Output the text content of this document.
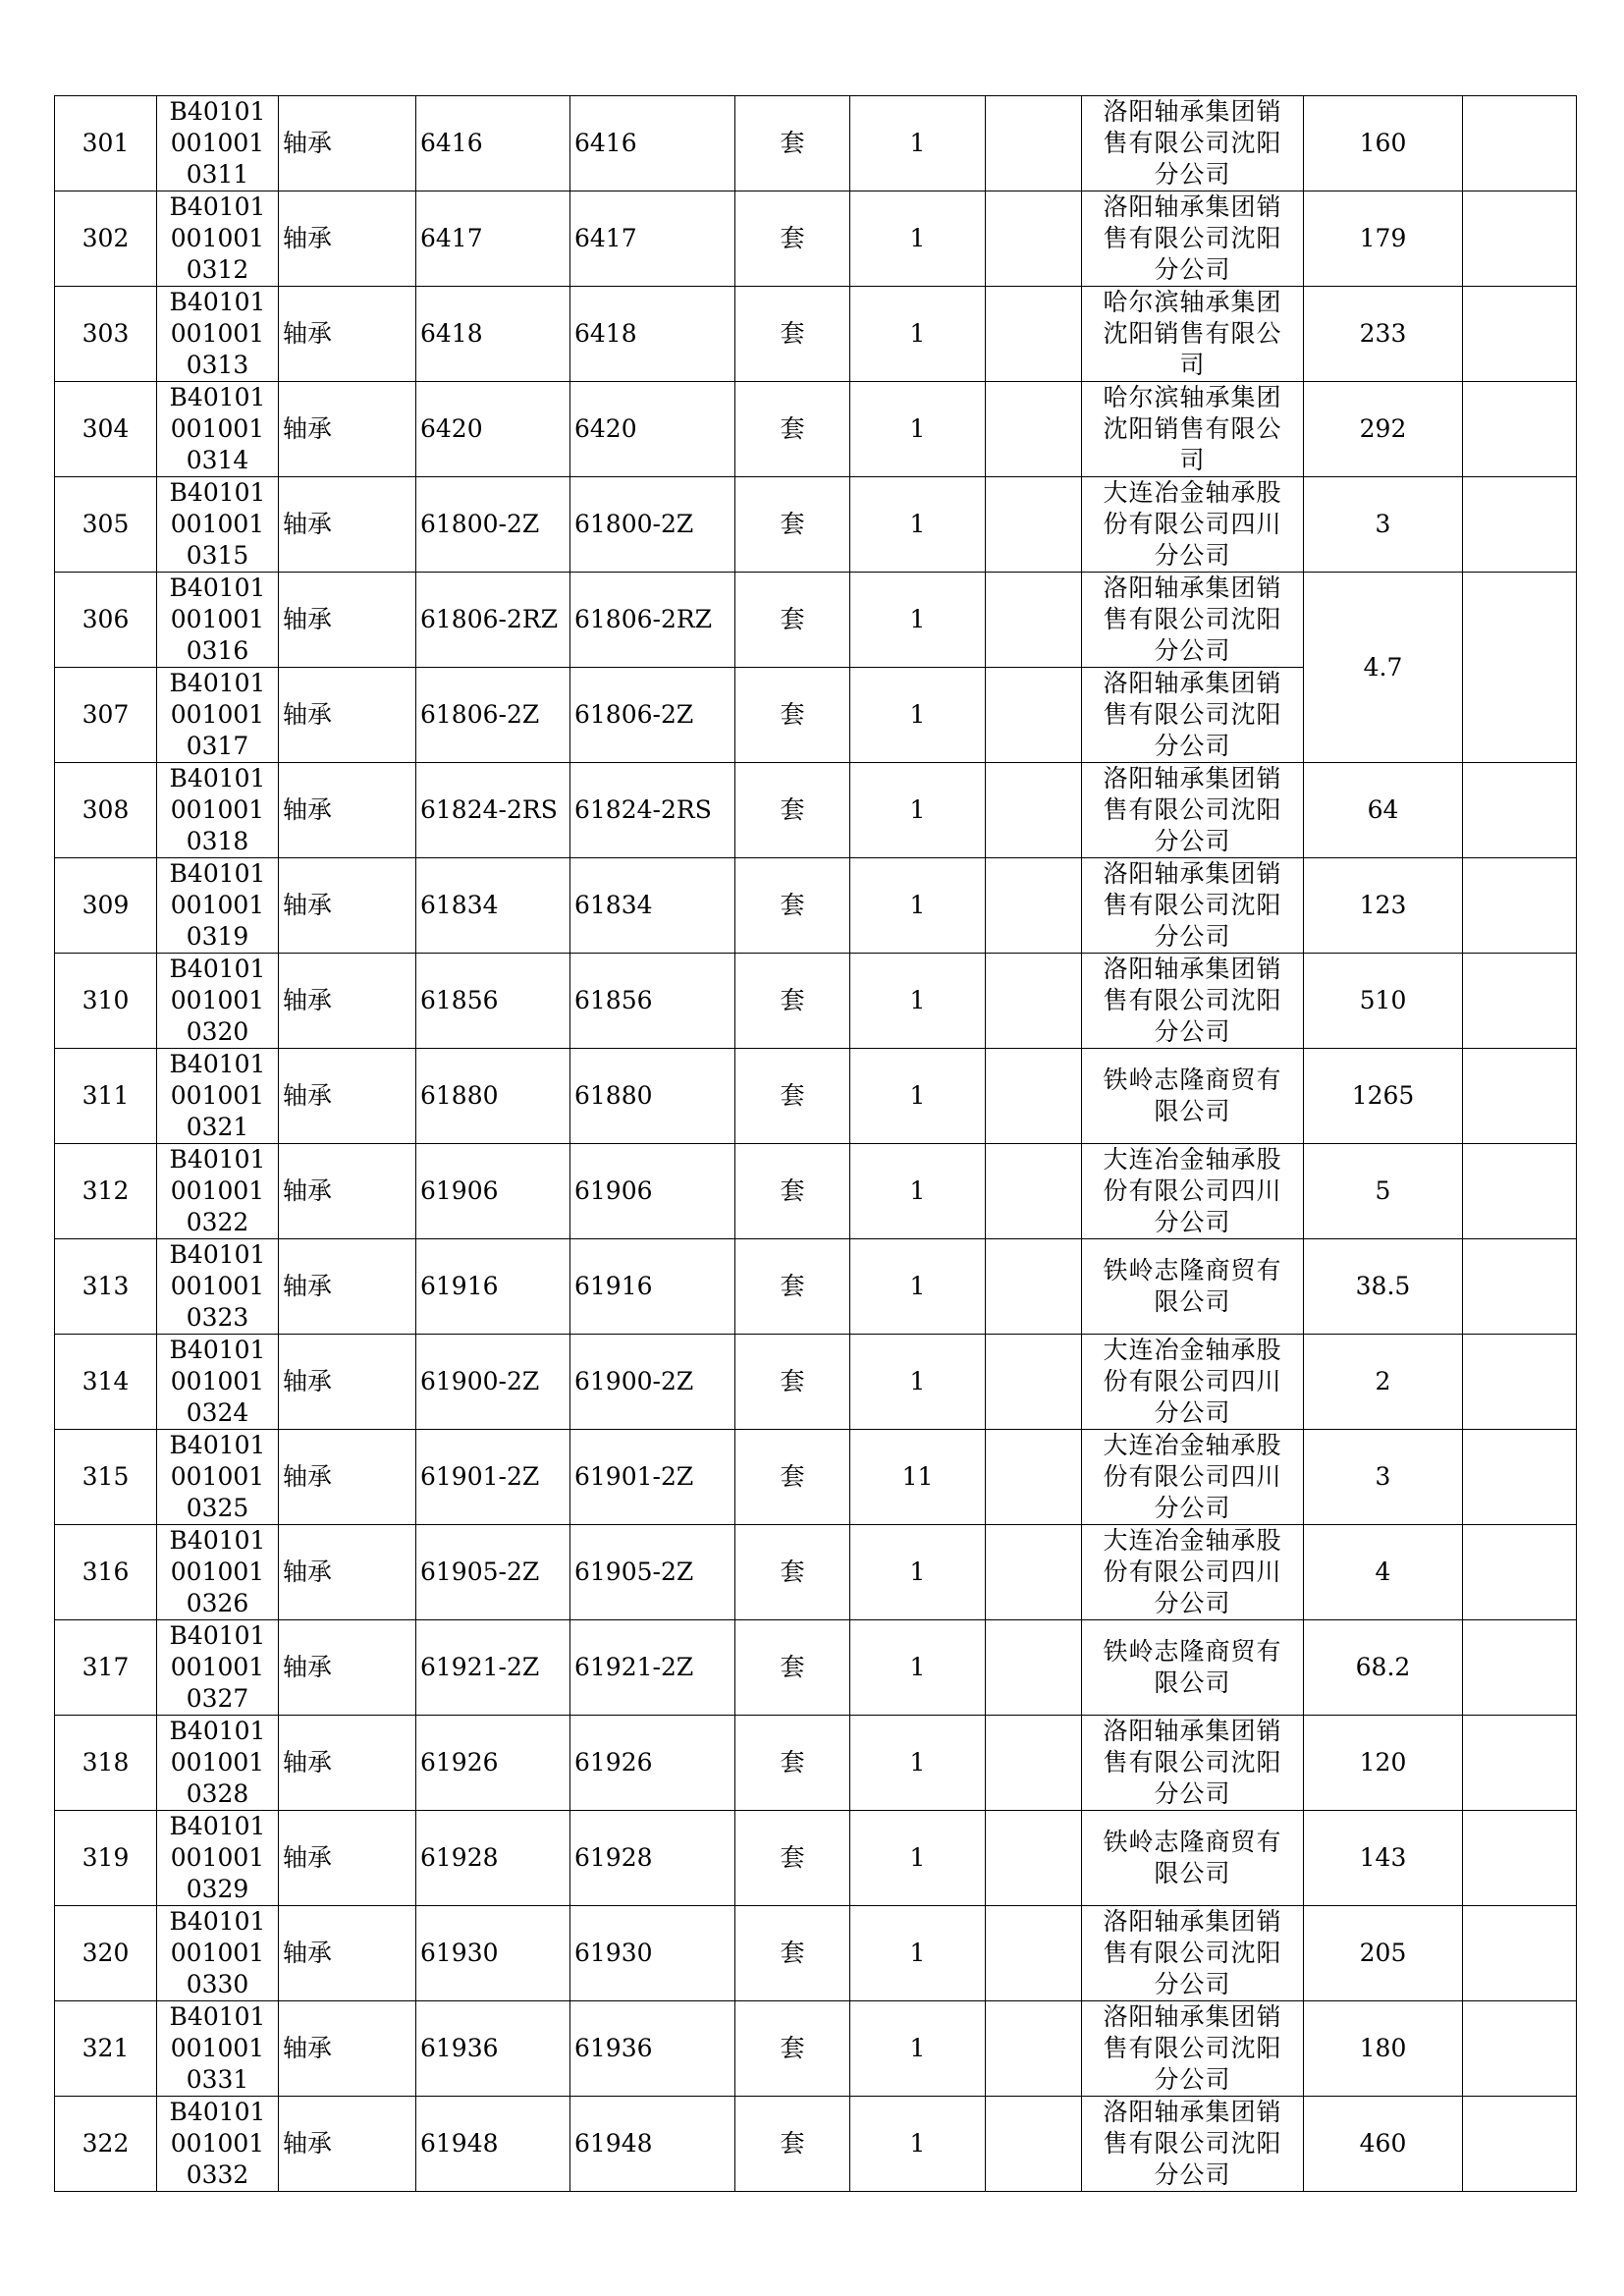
301	B401010010010311	轴承	6416	6416	套	1		洛阳轴承集团销售有限公司沈阳分公司	160	
302	B401010010010312	轴承	6417	6417	套	1		洛阳轴承集团销售有限公司沈阳分公司	179	
303	B401010010010313	轴承	6418	6418	套	1		哈尔滨轴承集团沈阳销售有限公司	233	
304	B401010010010314	轴承	6420	6420	套	1		哈尔滨轴承集团沈阳销售有限公司	292	
305	B401010010010315	轴承	61800-2Z	61800-2Z	套	1		大连冶金轴承股份有限公司四川分公司	3	
306	B401010010010316	轴承	61806-2RZ	61806-2RZ	套	1		洛阳轴承集团销售有限公司沈阳分公司	4.7	
307	B401010010010317	轴承	61806-2Z	61806-2Z	套	1		洛阳轴承集团销售有限公司沈阳分公司		

308	B401010010010318	轴承	61824-2RS	61824-2RS	套	1		洛阳轴承集团销售有限公司沈阳分公司	64	
309	B401010010010319	轴承	61834	61834	套	1		洛阳轴承集团销售有限公司沈阳分公司	123	
310	B401010010010320	轴承	61856	61856	套	1		洛阳轴承集团销售有限公司沈阳分公司	510	
311	B401010010010321	轴承	61880	61880	套	1		铁岭志隆商贸有限公司	1265	
312	B401010010010322	轴承	61906	61906	套	1		大连冶金轴承股份有限公司四川分公司	5	
313	B401010010010323	轴承	61916	61916	套	1		铁岭志隆商贸有限公司	38.5	
314	B401010010010324	轴承	61900-2Z	61900-2Z	套	1		大连冶金轴承股份有限公司四川分公司	2	
315	B401010010010325	轴承	61901-2Z	61901-2Z	套	11		大连冶金轴承股份有限公司四川分公司	3	
316	B401010010010326	轴承	61905-2Z	61905-2Z	套	1		大连冶金轴承股份有限公司四川分公司	4	
317	B401010010010327	轴承	61921-2Z	61921-2Z	套	1		铁岭志隆商贸有限公司	68.2	
318	B401010010010328	轴承	61926	61926	套	1		洛阳轴承集团销售有限公司沈阳分公司	120	
319	B401010010010329	轴承	61928	61928	套	1		铁岭志隆商贸有限公司	143	
320	B401010010010330	轴承	61930	61930	套	1		洛阳轴承集团销售有限公司沈阳分公司	205	
321	B401010010010331	轴承	61936	61936	套	1		洛阳轴承集团销售有限公司沈阳分公司	180	
322	B401010010010332	轴承	61948	61948	套	1		洛阳轴承集团销售有限公司沈阳分公司	460	
